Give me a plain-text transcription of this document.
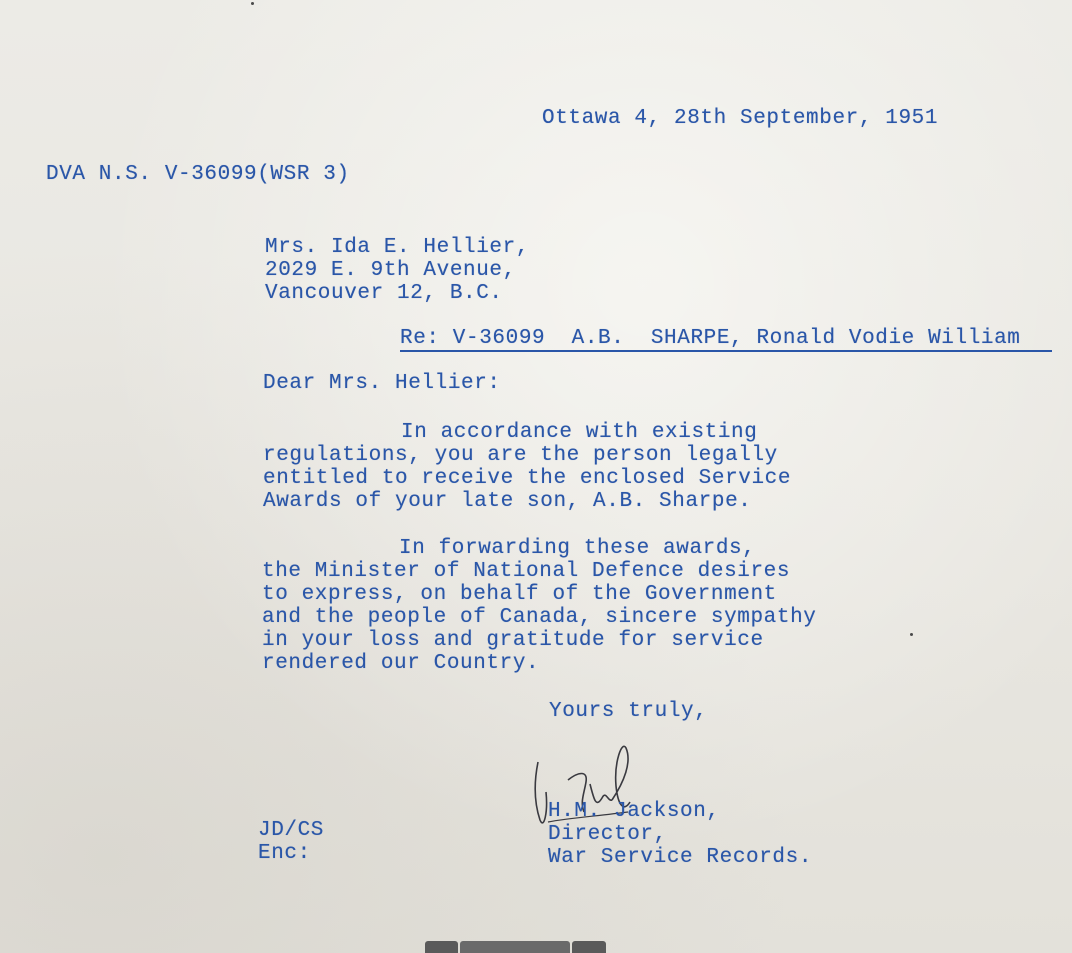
Ottawa 4, 28th September, 1951
DVA N.S. V-36099(WSR 3)
Mrs. Ida E. Hellier,
2029 E. 9th Avenue,
Vancouver 12, B.C.
Re: V-36099  A.B.  SHARPE, Ronald Vodie William
Dear Mrs. Hellier:
In accordance with existing
regulations, you are the person legally
entitled to receive the enclosed Service
Awards of your late son, A.B. Sharpe.
In forwarding these awards,
the Minister of National Defence desires
to express, on behalf of the Government
and the people of Canada, sincere sympathy
in your loss and gratitude for service
rendered our Country.
Yours truly,
H.M. Jackson,
Director,
War Service Records.
JD/CS
Enc:
